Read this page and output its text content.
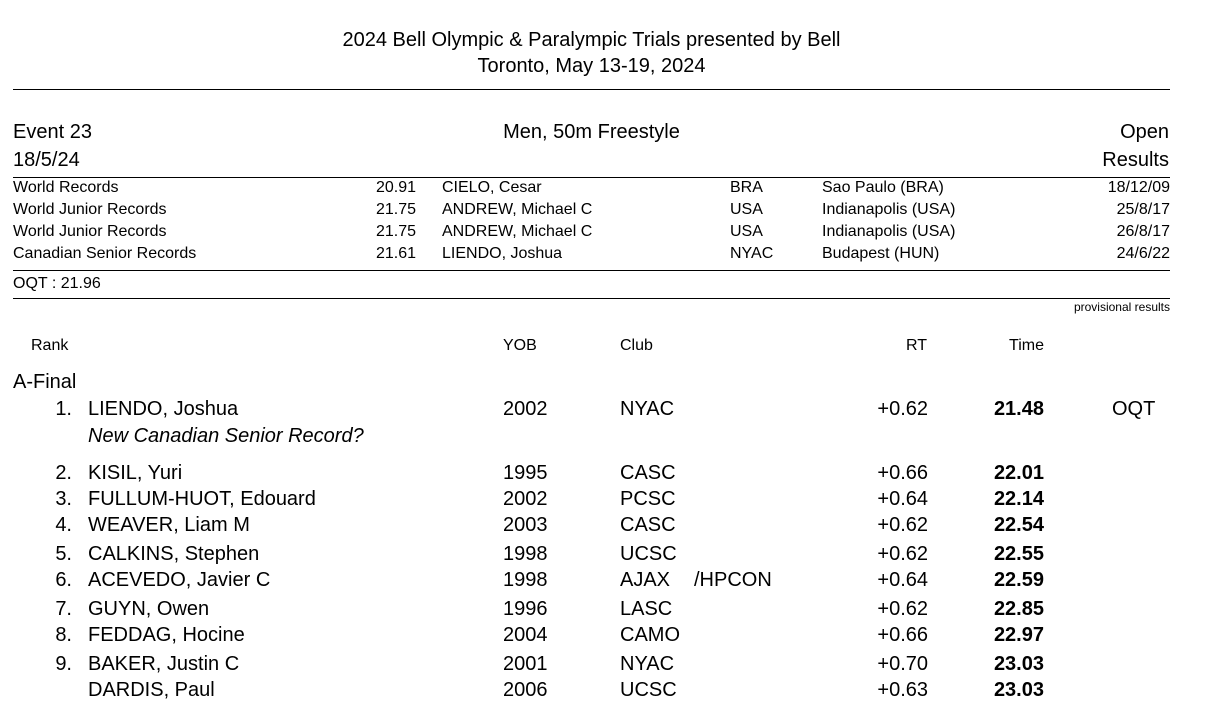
2024 Bell Olympic & Paralympic Trials presented by Bell
Toronto, May 13-19, 2024
Event 23	Men, 50m Freestyle	Open
18/5/24	Results
World Records	20.91 CIELO, Cesar	BRA	Sao Paulo (BRA)	18/12/09
World Junior Records	21.75 ANDREW, Michael C	USA	Indianapolis (USA)	25/8/17
World Junior Records	21.75 ANDREW, Michael C	USA	Indianapolis (USA)	26/8/17
Canadian Senior Records	21.61 LIENDO, Joshua	NYAC	Budapest (HUN)	24/6/22
OQT : 21.96
provisional results
Rank	YOB	Club	RT	Time
A-Final
1. LIENDO, Joshua	2002	NYAC	+0.62	21.48	OQT
New Canadian Senior Record?
2. KISIL, Yuri	1995	CASC	+0.66	22.01
3. FULLUM-HUOT, Edouard	2002	PCSC	+0.64	22.14
4. WEAVER, Liam M	2003	CASC	+0.62	22.54
5. CALKINS, Stephen	1998	UCSC	+0.62	22.55
6. ACEVEDO, Javier C	1998	AJAX /HPCON	+0.64	22.59
7. GUYN, Owen	1996	LASC	+0.62	22.85
8. FEDDAG, Hocine	2004	CAMO	+0.66	22.97
9. BAKER, Justin C	2001	NYAC	+0.70	23.03
DARDIS, Paul	2006	UCSC	+0.63	23.03
